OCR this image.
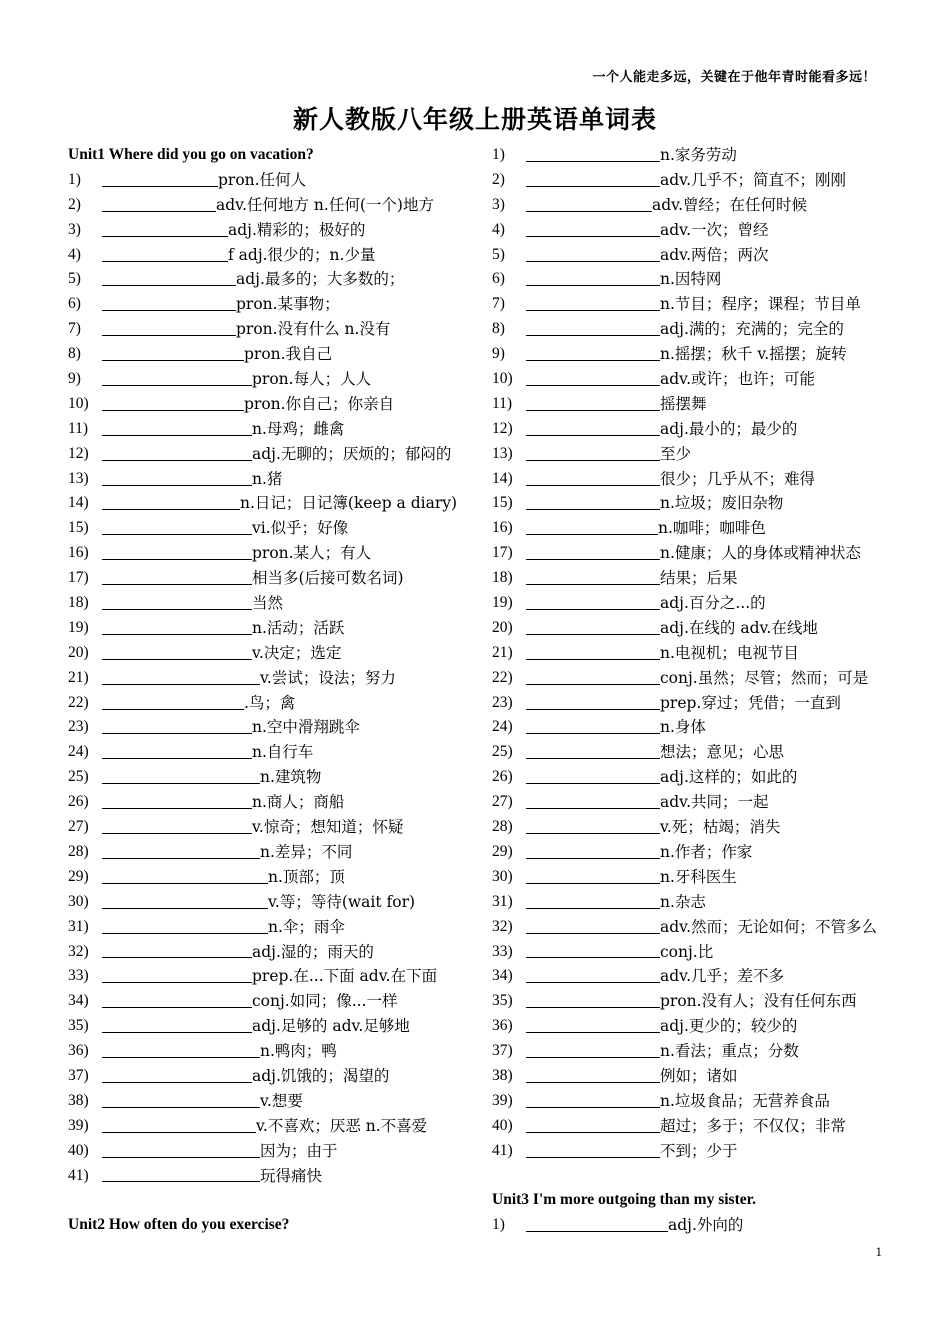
一个人能走多远，关键在于他年青时能看多远！
新人教版八年级上册英语单词表
Unit1 Where did you go on vacation?
1)	pron.任何人
2)	adv.任何地方 n.任何(一个)地方
3)	adj.精彩的；极好的
4)	f adj.很少的；n.少量
5)	adj.最多的；大多数的；
6)	pron.某事物；
7)	pron.没有什么 n.没有
8)	pron.我自己
9)	pron.每人；人人
10)	pron.你自己；你亲自
11)	n.母鸡；雌禽
12)	adj.无聊的；厌烦的；郁闷的
13)	n.猪
14)	n.日记；日记簿(keep a diary)
15)	vi.似乎；好像
16)	pron.某人；有人
17)	相当多(后接可数名词)
18)	当然
19)	n.活动；活跃
20)	v.决定；选定
21)	v.尝试；设法；努力
22)	.鸟；禽
23)	n.空中滑翔跳伞
24)	n.自行车
25)	n.建筑物
26)	n.商人；商船
27)	v.惊奇；想知道；怀疑
28)	n.差异；不同
29)	n.顶部；顶
30)	v.等；等待(wait for)
31)	n.伞；雨伞
32)	adj.湿的；雨天的
33)	prep.在...下面 adv.在下面
34)	conj.如同；像...一样
35)	adj.足够的 adv.足够地
36)	n.鸭肉；鸭
37)	adj.饥饿的；渴望的
38)	v.想要
39)	v.不喜欢；厌恶 n.不喜爱
40)	因为；由于
41)	玩得痛快
Unit2 How often do you exercise?
1)	n.家务劳动
2)	adv.几乎不；简直不；刚刚
3)	adv.曾经；在任何时候
4)	adv.一次；曾经
5)	adv.两倍；两次
6)	n.因特网
7)	n.节目；程序；课程；节目单
8)	adj.满的；充满的；完全的
9)	n.摇摆；秋千 v.摇摆；旋转
10)	adv.或许；也许；可能
11)	摇摆舞
12)	adj.最小的；最少的
13)	至少
14)	很少；几乎从不；难得
15)	n.垃圾；废旧杂物
16)	n.咖啡；咖啡色
17)	n.健康；人的身体或精神状态
18)	结果；后果
19)	adj.百分之...的
20)	adj.在线的 adv.在线地
21)	n.电视机；电视节目
22)	conj.虽然；尽管；然而；可是
23)	prep.穿过；凭借；一直到
24)	n.身体
25)	想法；意见；心思
26)	adj.这样的；如此的
27)	adv.共同；一起
28)	v.死；枯竭；消失
29)	n.作者；作家
30)	n.牙科医生
31)	n.杂志
32)	adv.然而；无论如何；不管多么
33)	conj.比
34)	adv.几乎；差不多
35)	pron.没有人；没有任何东西
36)	adj.更少的；较少的
37)	n.看法；重点；分数
38)	例如；诸如
39)	n.垃圾食品；无营养食品
40)	超过；多于；不仅仅；非常
41)	不到；少于
Unit3 I'm more outgoing than my sister.
1)	adj.外向的
1
